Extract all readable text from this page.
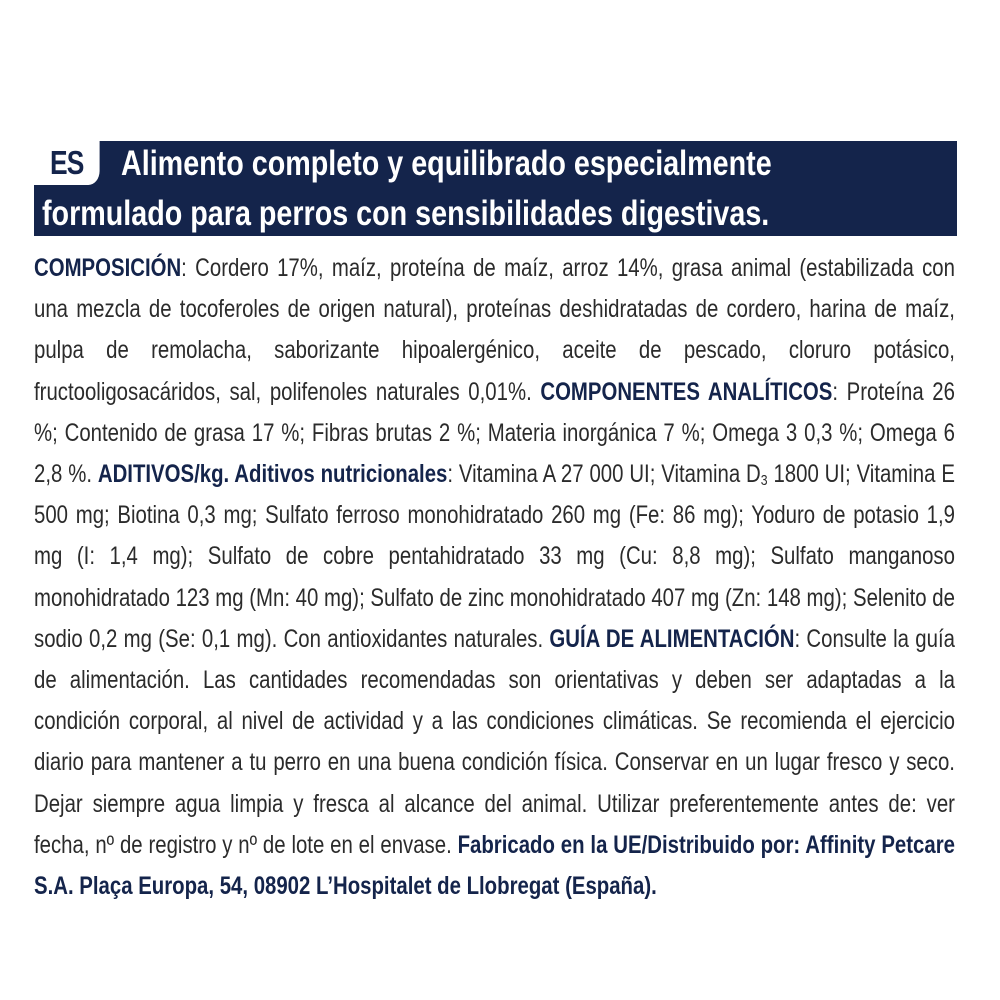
ES	Alimento completo y equilibrado especialmente
formulado para perros con sensibilidades digestivas.
COMPOSICIÓN: Cordero 17%, maíz, proteína de maíz, arroz 14%, grasa animal (estabilizada con una mezcla de tocoferoles de origen natural), proteínas deshidratadas de cordero, harina de maíz, pulpa de remolacha, saborizante hipoalergénico, aceite de pescado, cloruro potásico, fructooligosacáridos, sal, polifenoles naturales 0,01%. COMPONENTES ANALÍTICOS: Proteína 26 %; Contenido de grasa 17 %; Fibras brutas 2 %; Materia inorgánica 7 %; Omega 3 0,3 %; Omega 6 2,8 %. ADITIVOS/kg. Aditivos nutricionales: Vitamina A 27 000 UI; Vitamina $D_3$ 1800 UI; Vitamina E 500 mg; Biotina 0,3 mg; Sulfato ferroso monohidratado 260 mg (Fe: 86 mg); Yoduro de potasio 1,9 mg (I: 1,4 mg); Sulfato de cobre pentahidratado 33 mg (Cu: 8,8 mg); Sulfato manganoso monohidratado 123 mg (Mn: 40 mg); Sulfato de zinc monohidratado 407 mg (Zn: 148 mg); Selenito de sodio 0,2 mg (Se: 0,1 mg). Con antioxidantes naturales. GUÍA DE ALIMENTACIÓN: Consulte la guía de alimentación. Las cantidades recomendadas son orientativas y deben ser adaptadas a la condición corporal, al nivel de actividad y a las condiciones climáticas. Se recomienda el ejercicio diario para mantener a tu perro en una buena condición física. Conservar en un lugar fresco y seco. Dejar siempre agua limpia y fresca al alcance del animal. Utilizar preferentemente antes de: ver fecha, nº de registro y nº de lote en el envase. Fabricado en la UE/Distribuido por: Affinity Petcare S.A. Plaça Europa, 54, 08902 L’Hospitalet de Llobregat (España).
